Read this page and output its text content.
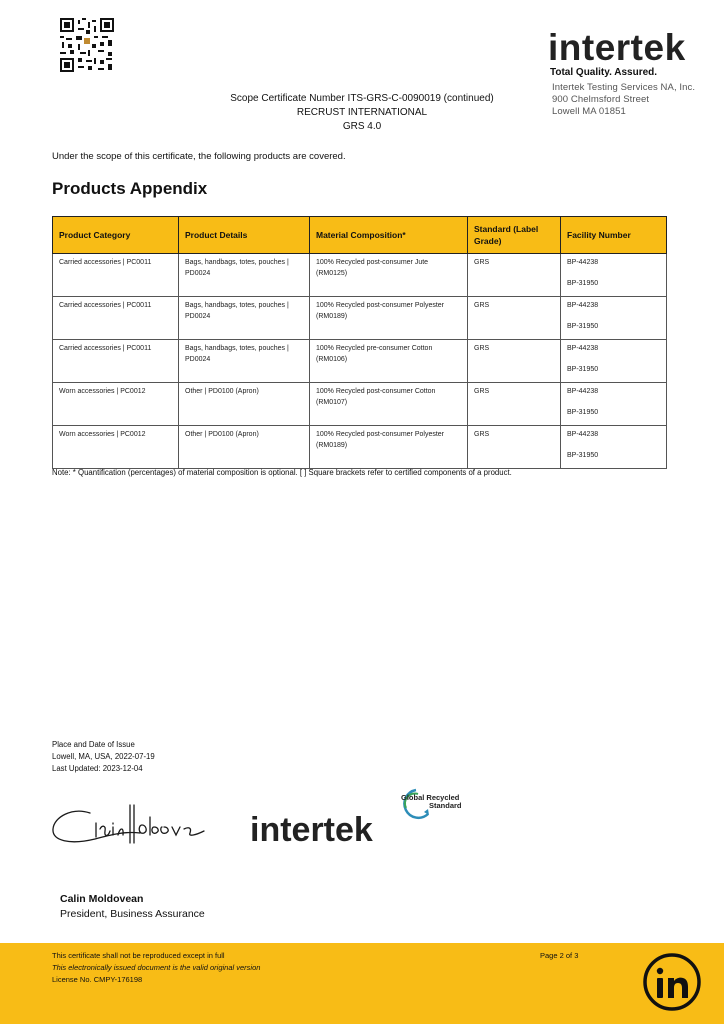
intertek
Total Quality. Assured.
Intertek Testing Services NA, Inc.
900 Chelmsford Street
Lowell MA 01851
Scope Certificate Number ITS-GRS-C-0090019 (continued)
RECRUST INTERNATIONAL
GRS 4.0
Under the scope of this certificate, the following products are covered.
Products Appendix
Product Category	Product Details	Material Composition*	Standard (Label Grade)	Facility Number
Carried accessories | PC0011	Bags, handbags, totes, pouches | PD0024	100% Recycled post-consumer Jute (RM0125)	GRS	BP-44238
BP-31950

Carried accessories | PC0011	Bags, handbags, totes, pouches | PD0024	100% Recycled post-consumer Polyester (RM0189)	GRS	BP-44238
BP-31950

Carried accessories | PC0011	Bags, handbags, totes, pouches | PD0024	100% Recycled pre-consumer Cotton (RM0106)	GRS	BP-44238
BP-31950

Worn accessories | PC0012	Other | PD0100 (Apron)	100% Recycled post-consumer Cotton (RM0107)	GRS	BP-44238
BP-31950

Worn accessories | PC0012	Other | PD0100 (Apron)	100% Recycled post-consumer Polyester (RM0189)	GRS	BP-44238
BP-31950
Note: * Quantification (percentages) of material composition is optional. [ ] Square brackets refer to certified components of a product.
Place and Date of Issue
Lowell, MA, USA, 2022-07-19
Last Updated: 2023-12-04
intertek
Global Recycled
Standard
Calin Moldovean
President, Business Assurance
This certificate shall not be reproduced except in full
This electronically issued document is the valid original version
License No. CMPY-176198
Page 2 of 3
